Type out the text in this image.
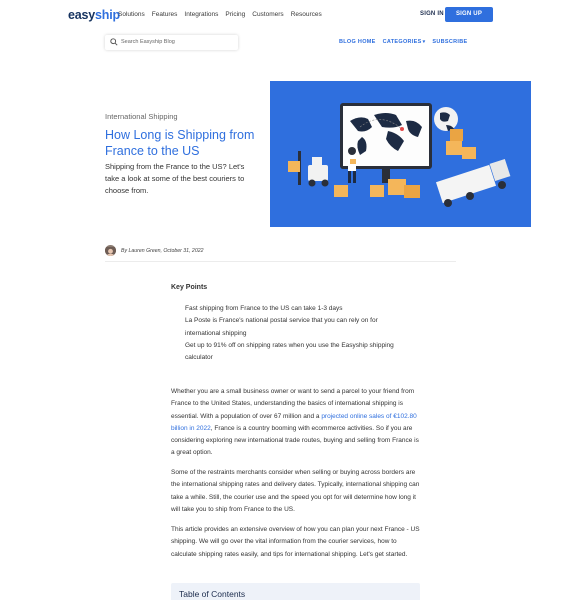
easyship
Solutions Features Integrations Pricing Customers Resources	SIGN IN	SIGN UP
Search Easyship Blog	BLOG HOME CATEGORIES▾ SUBSCRIBE
International Shipping
How Long is Shipping from France to the US

Shipping from the France to the US? Let's take a look at some of the best couriers to choose from.

By Lauren Green, October 31, 2022
Key Points
Fast shipping from France to the US can take 1-3 days
La Poste is France's national postal service that you can rely on for international shipping
Get up to 91% off on shipping rates when you use the Easyship shipping calculator

Whether you are a small business owner or want to send a parcel to your friend from France to the United States, understanding the basics of international shipping is essential. With a population of over 67 million and a projected online sales of €102.80 billion in 2022, France is a country booming with ecommerce activities. So if you are considering exploring new international trade routes, buying and selling from France is a great option.

Some of the restraints merchants consider when selling or buying across borders are the international shipping rates and delivery dates. Typically, international shipping can take a while. Still, the courier use and the speed you opt for will determine how long it will take you to ship from France to the US.

This article provides an extensive overview of how you can plan your next France - US shipping. We will go over the vital information from the courier services, how to calculate shipping rates easily, and tips for international shipping. Let's get started.

Table of Contents
